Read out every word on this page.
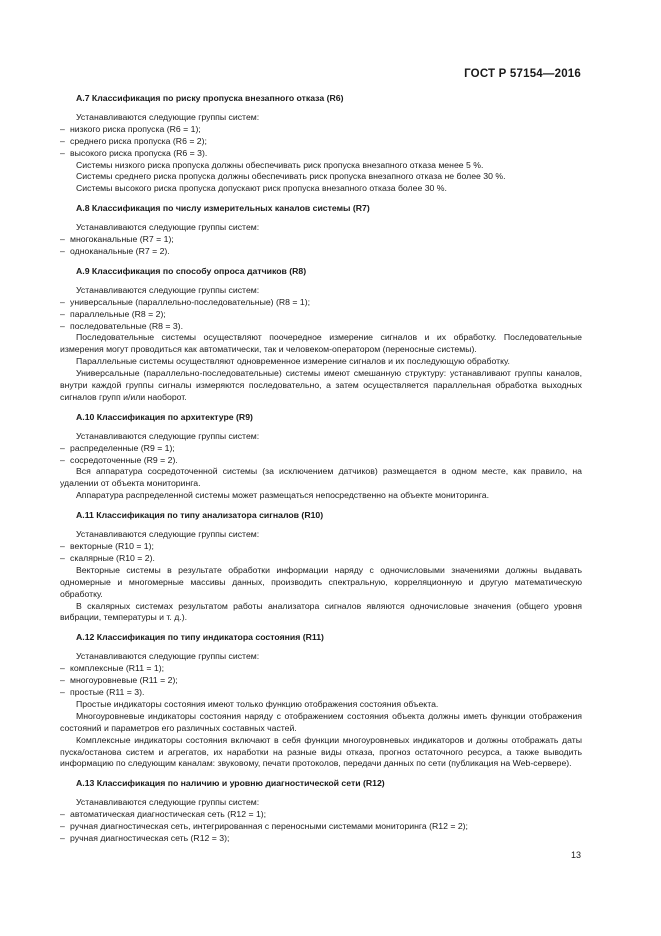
ГОСТ Р 57154—2016

А.7 Классификация по риску пропуска внезапного отказа (R6)

Устанавливаются следующие группы систем:

– низкого риска пропуска (R6 = 1);

– среднего риска пропуска (R6 = 2);

– высокого риска пропуска (R6 = 3).

Системы низкого риска пропуска должны обеспечивать риск пропуска внезапного отказа менее 5 %.

Системы среднего риска пропуска должны обеспечивать риск пропуска внезапного отказа не более 30 %.

Системы высокого риска пропуска допускают риск пропуска внезапного отказа более 30 %.

А.8 Классификация по числу измерительных каналов системы (R7)

Устанавливаются следующие группы систем:

– многоканальные (R7 = 1);

– одноканальные (R7 = 2).

А.9 Классификация по способу опроса датчиков (R8)

Устанавливаются следующие группы систем:

– универсальные (параллельно-последовательные) (R8 = 1);

– параллельные (R8 = 2);

– последовательные (R8 = 3).

Последовательные системы осуществляют поочередное измерение сигналов и их обработку. Последовательные измерения могут проводиться как автоматически, так и человеком-оператором (переносные системы).

Параллельные системы осуществляют одновременное измерение сигналов и их последующую обработку.

Универсальные (параллельно-последовательные) системы имеют смешанную структуру: устанавливают группы каналов, внутри каждой группы сигналы измеряются последовательно, а затем осуществляется параллельная обработка выходных сигналов групп и/или наоборот.

А.10 Классификация по архитектуре (R9)

Устанавливаются следующие группы систем:

– распределенные (R9 = 1);

– сосредоточенные (R9 = 2).

Вся аппаратура сосредоточенной системы (за исключением датчиков) размещается в одном месте, как правило, на удалении от объекта мониторинга.

Аппаратура распределенной системы может размещаться непосредственно на объекте мониторинга.

А.11 Классификация по типу анализатора сигналов (R10)

Устанавливаются следующие группы систем:

– векторные (R10 = 1);

– скалярные (R10 = 2).

Векторные системы в результате обработки информации наряду с одночисловыми значениями должны выдавать одномерные и многомерные массивы данных, производить спектральную, корреляционную и другую математическую обработку.

В скалярных системах результатом работы анализатора сигналов являются одночисловые значения (общего уровня вибрации, температуры и т. д.).

А.12 Классификация по типу индикатора состояния (R11)

Устанавливаются следующие группы систем:

– комплексные (R11 = 1);

– многоуровневые (R11 = 2);

– простые (R11 = 3).

Простые индикаторы состояния имеют только функцию отображения состояния объекта.

Многоуровневые индикаторы состояния наряду с отображением состояния объекта должны иметь функции отображения состояний и параметров его различных составных частей.

Комплексные индикаторы состояния включают в себя функции многоуровневых индикаторов и должны отображать даты пуска/останова систем и агрегатов, их наработки на разные виды отказа, прогноз остаточного ресурса, а также выводить информацию по следующим каналам: звуковому, печати протоколов, передачи данных по сети (публикация на Web-сервере).

А.13 Классификация по наличию и уровню диагностической сети (R12)

Устанавливаются следующие группы систем:

– автоматическая диагностическая сеть (R12 = 1);

– ручная диагностическая сеть, интегрированная с переносными системами мониторинга (R12 = 2);

– ручная диагностическая сеть (R12 = 3);

13
